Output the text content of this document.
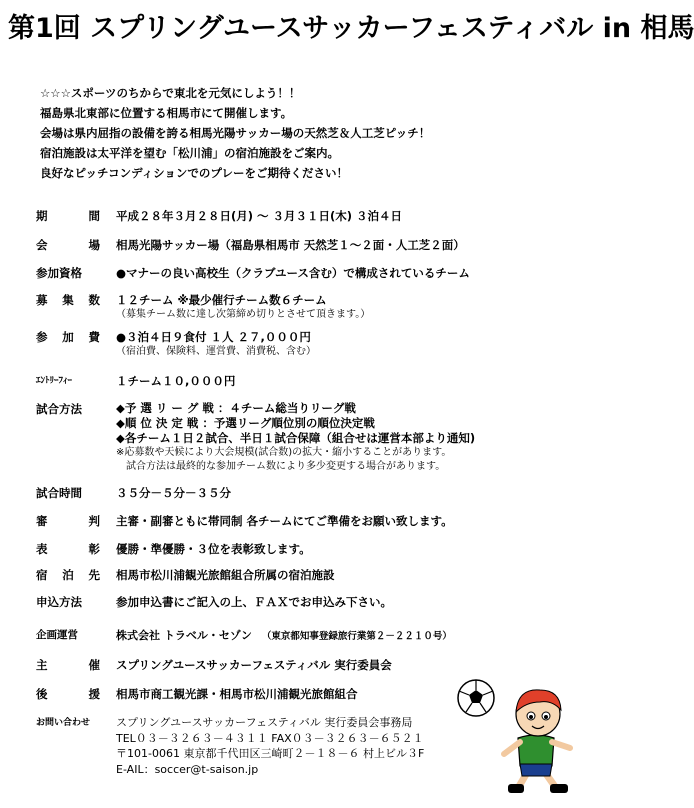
第1回 スプリングユースサッカーフェスティバル in 相馬
☆☆☆スポーツのちからで東北を元気にしよう！！
福島県北東部に位置する相馬市にて開催します。
会場は県内屈指の設備を誇る相馬光陽サッカー場の天然芝＆人工芝ピッチ！
宿泊施設は太平洋を望む「松川浦」の宿泊施設をご案内。
良好なピッチコンディションでのプレーをご期待ください！
期	間 平成２８年３月２８日(月) ～ ３月３１日(木) ３泊４日
会	場 相馬光陽サッカー場（福島県相馬市 天然芝１～２面・人工芝２面）
参加資格	●マナーの良い高校生（クラブユース含む）で構成されているチーム
募 集 数 １２チーム ※最少催行チーム数６チーム
（募集チーム数に達し次第締め切りとさせて頂きます。）
参 加 費 ●３泊４日９食付 １人 ２７,０００円
（宿泊費、保険料、運営費、消費税、含む）
ｴﾝﾄﾘｰﾌｨｰ	１チーム１０,０００円
試合方法	◆予 選 リ ー グ 戦 ：４チーム総当りリーグ戦
◆順 位 決 定 戦 ：予選リーグ順位別の順位決定戦
◆各チーム１日２試合、半日１試合保障（組合せは運営本部より通知)
※応募数や天候により大会規模(試合数)の拡大・縮小することがあります。
　試合方法は最終的な参加チーム数により多少変更する場合があります。
試合時間	３５分－５分－３５分
審	判 主審・副審ともに帯同制 各チームにてご準備をお願い致します。
表	彰 優勝・準優勝・３位を表彰致します。
宿 泊 先 相馬市松川浦観光旅館組合所属の宿泊施設
申込方法	参加申込書にご記入の上、ＦＡＸでお申込み下さい。
企画運営	株式会社 トラベル・セゾン （東京都知事登録旅行業第２－２２１０号）
主	催 スプリングユースサッカーフェスティバル 実行委員会
後	援 相馬市商工観光課・相馬市松川浦観光旅館組合
お問い合わせ	スプリングユースサッカーフェスティバル 実行委員会事務局
TEL０３－３２６３－４３１１ FAX０３－３２６３－６５２１
〒101-0061 東京都千代田区三崎町２－１８－６ 村上ビル３F
E-AIL：soccer@t-saison.jp
